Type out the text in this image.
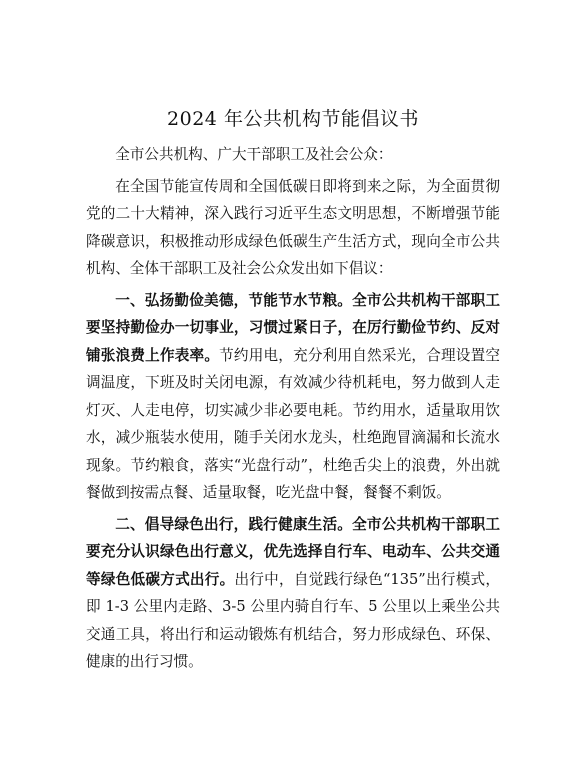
2024 年公共机构节能倡议书

全市公共机构、广大干部职工及社会公众：

在全国节能宣传周和全国低碳日即将到来之际，为全面贯彻党的二十大精神，深入践行习近平生态文明思想，不断增强节能降碳意识，积极推动形成绿色低碳生产生活方式，现向全市公共机构、全体干部职工及社会公众发出如下倡议：

一、弘扬勤俭美德，节能节水节粮。全市公共机构干部职工要坚持勤俭办一切事业，习惯过紧日子，在厉行勤俭节约、反对铺张浪费上作表率。节约用电，充分利用自然采光，合理设置空调温度，下班及时关闭电源，有效减少待机耗电，努力做到人走灯灭、人走电停，切实减少非必要电耗。节约用水，适量取用饮水，减少瓶装水使用，随手关闭水龙头，杜绝跑冒滴漏和长流水现象。节约粮食，落实“光盘行动”，杜绝舌尖上的浪费，外出就餐做到按需点餐、适量取餐，吃光盘中餐，餐餐不剩饭。

二、倡导绿色出行，践行健康生活。全市公共机构干部职工要充分认识绿色出行意义，优先选择自行车、电动车、公共交通等绿色低碳方式出行。出行中，自觉践行绿色“135”出行模式，即 1-3 公里内走路、3-5 公里内骑自行车、5 公里以上乘坐公共交通工具，将出行和运动锻炼有机结合，努力形成绿色、环保、健康的出行习惯。
